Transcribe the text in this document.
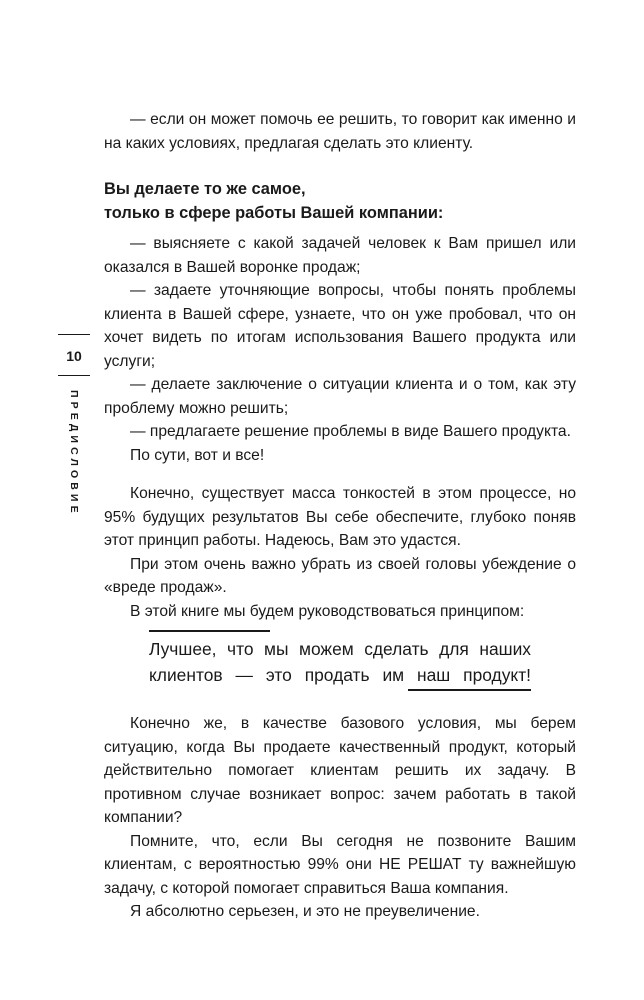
10
ПРЕДИСЛОВИЕ

— если он может помочь ее решить, то говорит как именно и на каких условиях, предлагая сделать это клиенту.

Вы делаете то же самое,
только в сфере работы Вашей компании:

— выясняете с какой задачей человек к Вам пришел или оказался в Вашей воронке продаж;

— задаете уточняющие вопросы, чтобы понять проблемы клиента в Вашей сфере, узнаете, что он уже пробовал, что он хочет видеть по итогам использования Вашего продукта или услуги;

— делаете заключение о ситуации клиента и о том, как эту проблему можно решить;

— предлагаете решение проблемы в виде Вашего продукта.

По сути, вот и все!

Конечно, существует масса тонкостей в этом процессе, но 95% будущих результатов Вы себе обеспечите, глубоко поняв этот принцип работы. Надеюсь, Вам это удастся.

При этом очень важно убрать из своей головы убеждение о «вреде продаж».

В этой книге мы будем руководствоваться принципом:

Лучшее, что мы можем сделать для наших

клиентов — это продать им наш продукт!

Конечно же, в качестве базового условия, мы берем ситуацию, когда Вы продаете качественный продукт, который действительно помогает клиентам решить их задачу. В противном случае возникает вопрос: зачем работать в такой компании?

Помните, что, если Вы сегодня не позвоните Вашим клиентам, с вероятностью 99% они НЕ РЕШАТ ту важнейшую задачу, с которой помогает справиться Ваша компания.

Я абсолютно серьезен, и это не преувеличение.
